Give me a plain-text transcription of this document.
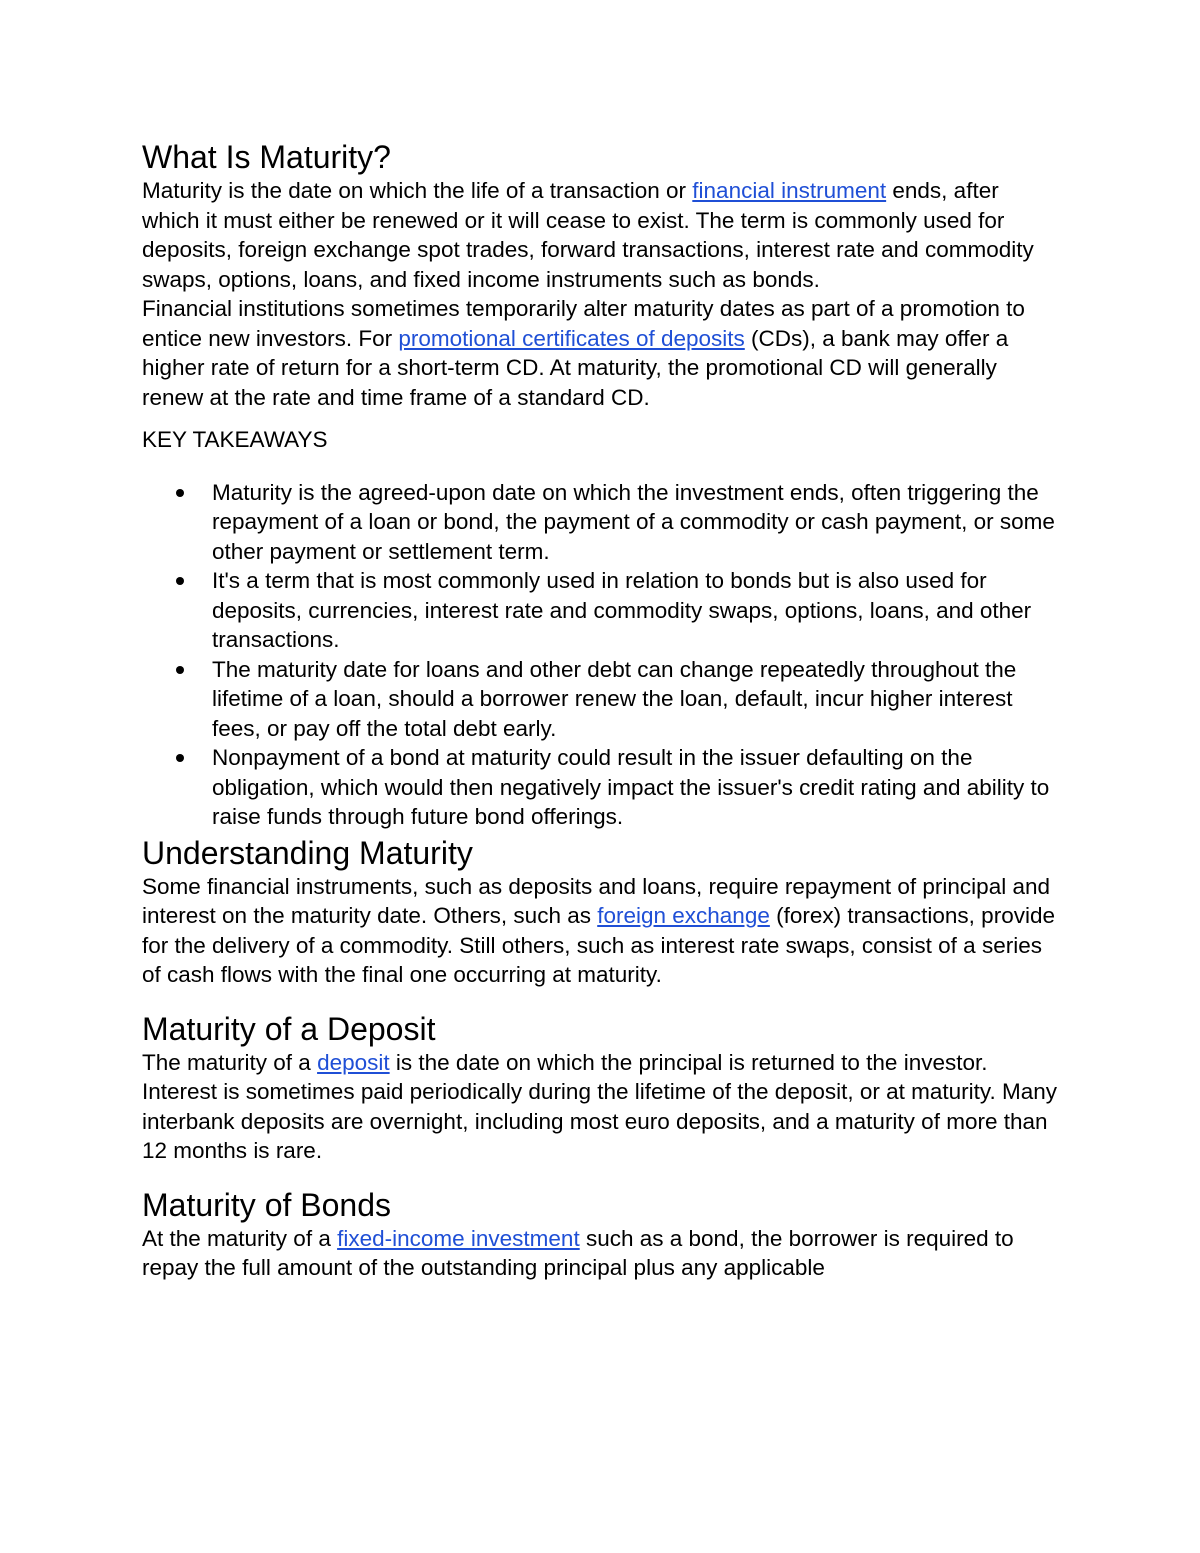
What Is Maturity?

Maturity is the date on which the life of a transaction or financial instrument ends, after which it must either be renewed or it will cease to exist. The term is commonly used for deposits, foreign exchange spot trades, forward transactions, interest rate and commodity swaps, options, loans, and fixed income instruments such as bonds.

Financial institutions sometimes temporarily alter maturity dates as part of a promotion to entice new investors. For promotional certificates of deposits (CDs), a bank may offer a higher rate of return for a short-term CD. At maturity, the promotional CD will generally renew at the rate and time frame of a standard CD.

KEY TAKEAWAYS
Maturity is the agreed-upon date on which the investment ends, often triggering the repayment of a loan or bond, the payment of a commodity or cash payment, or some other payment or settlement term.
It's a term that is most commonly used in relation to bonds but is also used for deposits, currencies, interest rate and commodity swaps, options, loans, and other transactions.
The maturity date for loans and other debt can change repeatedly throughout the lifetime of a loan, should a borrower renew the loan, default, incur higher interest fees, or pay off the total debt early.
Nonpayment of a bond at maturity could result in the issuer defaulting on the obligation, which would then negatively impact the issuer's credit rating and ability to raise funds through future bond offerings.
Understanding Maturity

Some financial instruments, such as deposits and loans, require repayment of principal and interest on the maturity date. Others, such as foreign exchange (forex) transactions, provide for the delivery of a commodity. Still others, such as interest rate swaps, consist of a series of cash flows with the final one occurring at maturity.

Maturity of a Deposit

The maturity of a deposit is the date on which the principal is returned to the investor. Interest is sometimes paid periodically during the lifetime of the deposit, or at maturity. Many interbank deposits are overnight, including most euro deposits, and a maturity of more than 12 months is rare.

Maturity of Bonds

At the maturity of a fixed-income investment such as a bond, the borrower is required to repay the full amount of the outstanding principal plus any applicable
